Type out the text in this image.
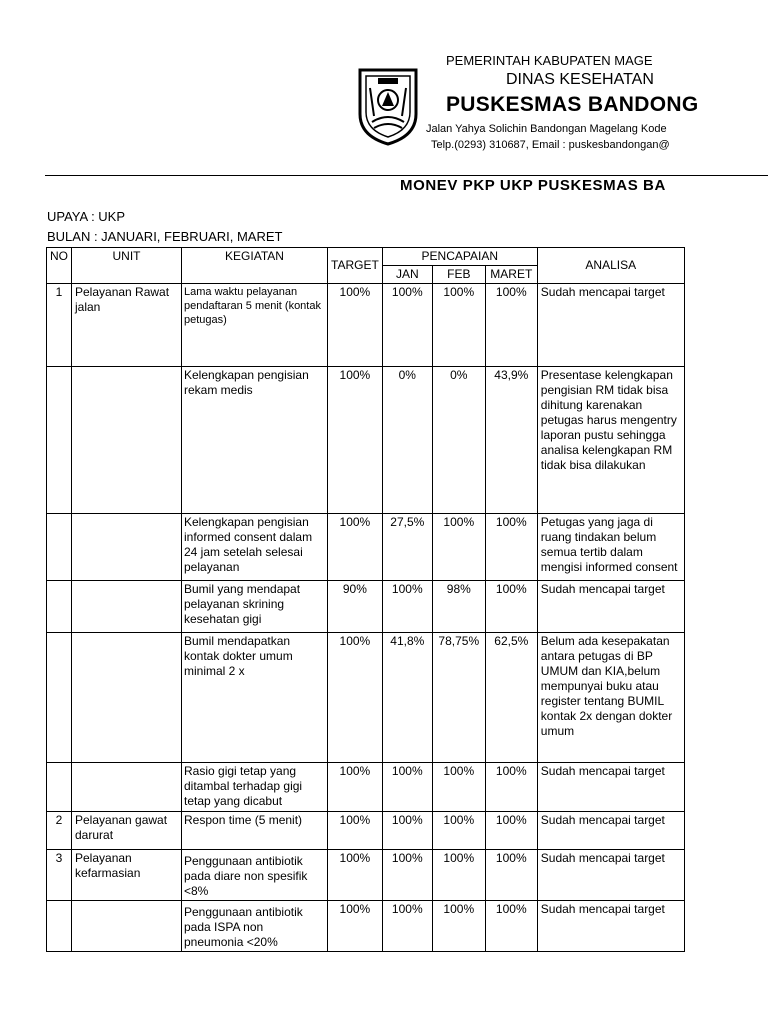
PEMERINTAH KABUPATEN MAGE
DINAS KESEHATAN
PUSKESMAS BANDONG
Jalan Yahya Solichin Bandongan Magelang Kode
Telp.(0293) 310687, Email : puskesbandongan@
MONEV PKP UKP PUSKESMAS BA
UPAYA : UKP
BULAN : JANUARI, FEBRUARI, MARET
NO	UNIT	KEGIATAN	TARGET	PENCAPAIAN			ANALISA
				JAN	FEB	MARET	
1	Pelayanan Rawat jalan	Lama waktu pelayanan pendaftaran 5 menit (kontak petugas)	100%	100%	100%	100%	Sudah mencapai target
		Kelengkapan pengisian rekam medis	100%	0%	0%	43,9%	Presentase kelengkapan pengisian RM tidak bisa dihitung karenakan petugas harus mengentry laporan pustu sehingga analisa kelengkapan RM tidak bisa dilakukan
		Kelengkapan pengisian informed consent dalam 24 jam setelah selesai pelayanan	100%	27,5%	100%	100%	Petugas yang jaga di ruang tindakan belum semua tertib dalam mengisi informed consent

		Bumil yang mendapat pelayanan skrining kesehatan gigi	90%	100%	98%	100%	Sudah mencapai target
		Bumil mendapatkan kontak dokter umum minimal 2 x	100%	41,8%	78,75%	62,5%	Belum ada kesepakatan antara petugas di BP UMUM dan KIA,belum mempunyai buku atau register tentang BUMIL kontak 2x dengan dokter umum
		Rasio gigi tetap yang ditambal terhadap gigi tetap yang dicabut	100%	100%	100%	100%	Sudah mencapai target
2	Pelayanan gawat darurat	Respon time (5 menit)	100%	100%	100%	100%	Sudah mencapai target
3	Pelayanan kefarmasian	Penggunaan antibiotik pada diare non spesifik <8%	100%	100%	100%	100%	Sudah mencapai target
		Penggunaan antibiotik pada ISPA non pneumonia <20%	100%	100%	100%	100%	Sudah mencapai target
